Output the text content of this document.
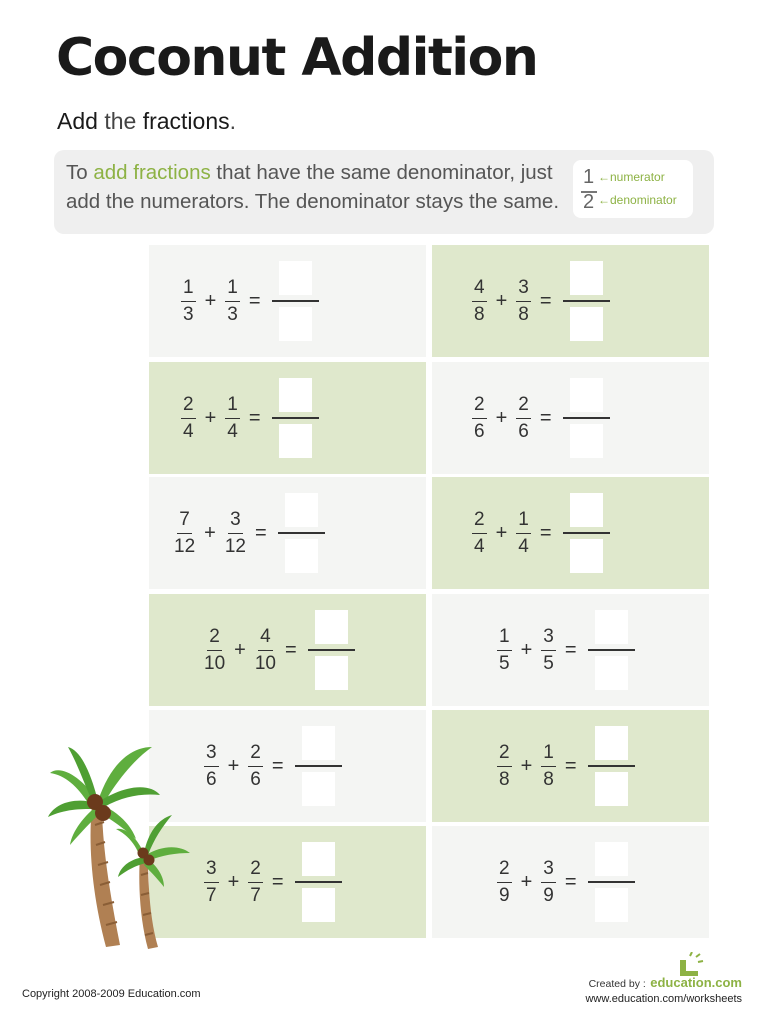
Coconut Addition
Add the fractions.
To add fractions that have the same denominator, just add the numerators. The denominator stays the same.
1
2
←numerator
←denominator
$\frac{1}{3} + \frac{1}{3}$ =	$\frac{4}{8} + \frac{3}{8}$ =
$\frac{2}{4} + \frac{1}{4}$ =	$\frac{2}{6} + \frac{2}{6}$ =
$\frac{7}{12} + \frac{3}{12}$ =	$\frac{2}{4} + \frac{1}{4}$ =
$\frac{2}{10} + \frac{4}{10}$ =	$\frac{1}{5} + \frac{3}{5}$ =
$\frac{3}{6} + \frac{2}{6}$ =	$\frac{2}{8} + \frac{1}{8}$ =
$\frac{3}{7} + \frac{2}{7}$ =	$\frac{2}{9} + \frac{3}{9}$ =
Copyright 2008-2009 Education.com
Created by : education.com
www.education.com/worksheets
